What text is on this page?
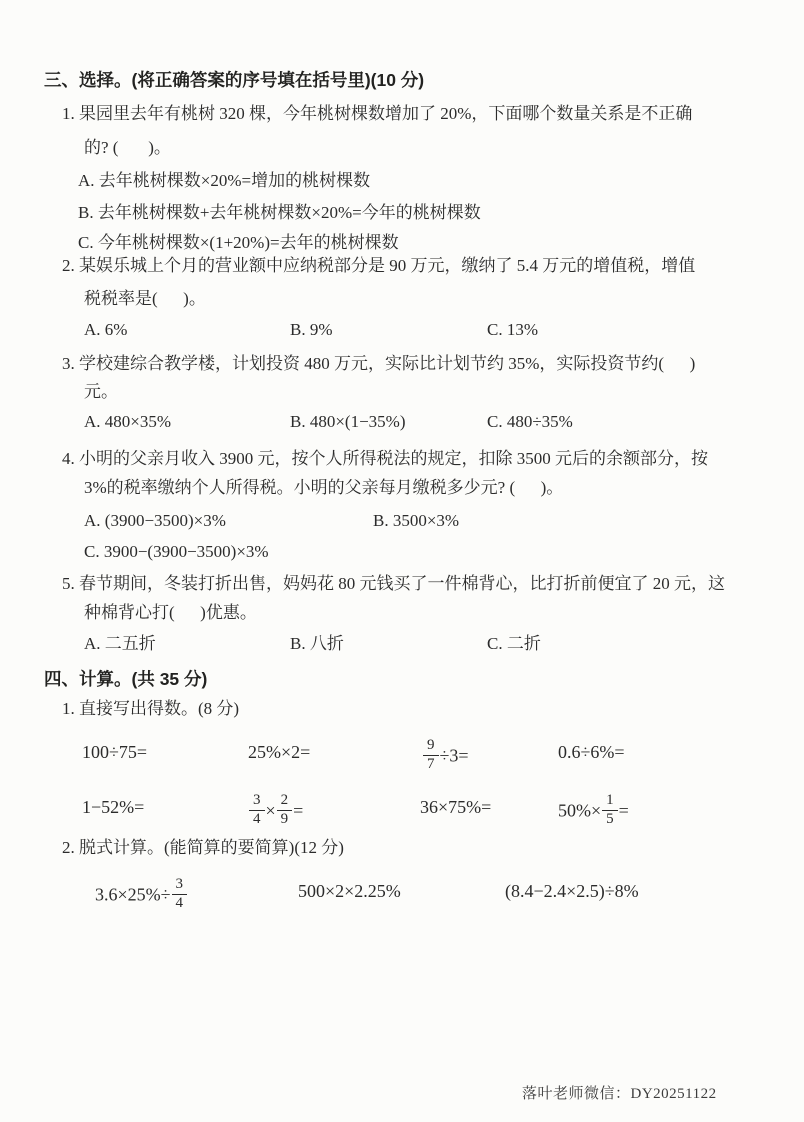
三、选择。(将正确答案的序号填在括号里)(10 分)
1. 果园里去年有桃树 320 棵，今年桃树棵数增加了 20%，下面哪个数量关系是不正确
的? (       )。
A. 去年桃树棵数×20%=增加的桃树棵数
B. 去年桃树棵数+去年桃树棵数×20%=今年的桃树棵数
C. 今年桃树棵数×(1+20%)=去年的桃树棵数
2. 某娱乐城上个月的营业额中应纳税部分是 90 万元，缴纳了 5.4 万元的增值税，增值
税税率是(      )。
A. 6%	B. 9%	C. 13%
3. 学校建综合教学楼，计划投资 480 万元，实际比计划节约 35%，实际投资节约(      )
元。
A. 480×35%	B. 480×(1−35%)	C. 480÷35%
4. 小明的父亲月收入 3900 元，按个人所得税法的规定，扣除 3500 元后的余额部分，按
3%的税率缴纳个人所得税。小明的父亲每月缴税多少元? (      )。
A. (3900−3500)×3%	B. 3500×3%
C. 3900−(3900−3500)×3%
5. 春节期间，冬装打折出售，妈妈花 80 元钱买了一件棉背心，比打折前便宜了 20 元，这
种棉背心打(      )优惠。
A. 二五折	B. 八折	C. 二折
四、计算。(共 35 分)
1. 直接写出得数。(8 分)
100÷75=	25%×2=	$\frac{9}{7} \div 3=$	0.6÷6%=
1−52%=	$\frac{3}{4} \times \frac{2}{9}$ =	36×75%=	$50\%\times \frac{1}{5}$ =
2. 脱式计算。(能简算的要简算)(12 分)
$3.6\times 25\%\div \frac{3}{4}$	500×2×2.25%	(8.4−2.4×2.5)÷8%
落叶老师微信：DY20251122
